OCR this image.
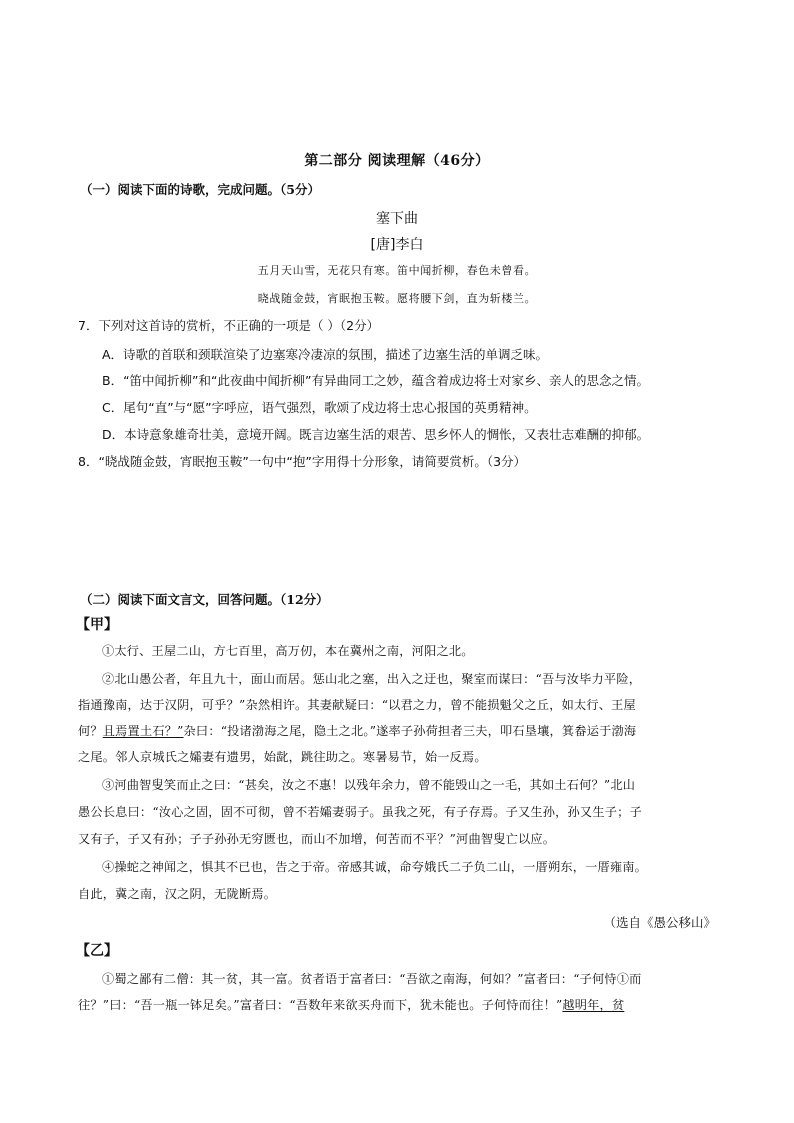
第二部分 阅读理解（46分）
（一）阅读下面的诗歌，完成问题。（5分）
塞下曲
[唐]李白
五月天山雪，无花只有寒。笛中闻折柳，春色未曾看。
晓战随金鼓，宵眠抱玉鞍。愿将腰下剑，直为斩楼兰。
7．下列对这首诗的赏析，不正确的一项是（ ）（2分）
A．诗歌的首联和颈联渲染了边塞寒冷凄凉的氛围，描述了边塞生活的单调乏味。
B．“笛中闻折柳”和“此夜曲中闻折柳”有异曲同工之妙，蕴含着成边将士对家乡、亲人的思念之情。
C．尾句“直”与“愿”字呼应，语气强烈，歌颂了戍边将士忠心报国的英勇精神。
D．本诗意象雄奇壮美，意境开阔。既言边塞生活的艰苦、思乡怀人的惆怅，又表壮志难酬的抑郁。
8．“晓战随金鼓，宵眠抱玉鞍”一句中“抱”字用得十分形象，请简要赏析。（3分）
（二）阅读下面文言文，回答问题。（12分）
【甲】
①太行、王屋二山，方七百里，高万仞，本在冀州之南，河阳之北。
②北山愚公者，年且九十，面山而居。惩山北之塞，出入之迂也，聚室而谋曰：“吾与汝毕力平险，
指通豫南，达于汉阴，可乎？”杂然相许。其妻献疑曰：“以君之力，曾不能损魁父之丘，如太行、王屋
何？且焉置土石？”杂曰：“投诸渤海之尾，隐土之北。”遂率子孙荷担者三夫，叩石垦壤，箕畚运于渤海
之尾。邻人京城氏之孀妻有遗男，始龀，跳往助之。寒暑易节，始一反焉。
③河曲智叟笑而止之曰：“甚矣，汝之不惠！以残年余力，曾不能毁山之一毛，其如土石何？”北山
愚公长息曰：“汝心之固，固不可彻，曾不若孀妻弱子。虽我之死，有子存焉。子又生孙，孙又生子；子
又有子，子又有孙；子子孙孙无穷匮也，而山不加增，何苦而不平？”河曲智叟亡以应。
④操蛇之神闻之，惧其不已也，告之于帝。帝感其诚，命夸娥氏二子负二山，一厝朔东，一厝雍南。
自此，冀之南，汉之阴，无陇断焉。
（选自《愚公移山》
【乙】
①蜀之鄙有二僧：其一贫，其一富。贫者语于富者曰：“吾欲之南海，何如？”富者曰：“子何恃①而
往？”曰：“吾一瓶一钵足矣。”富者曰：“吾数年来欲买舟而下，犹未能也。子何恃而往！”越明年，贫
